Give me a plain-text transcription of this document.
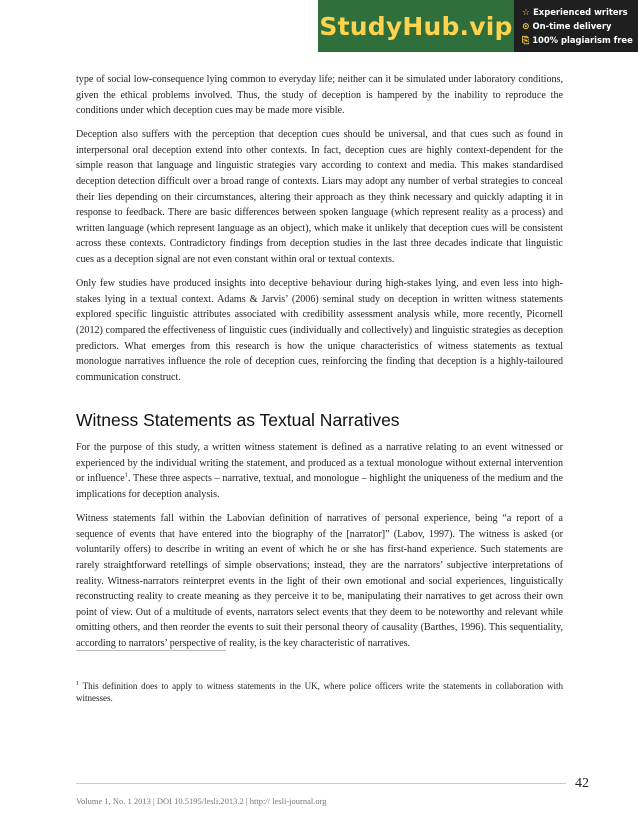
StudyHub.vip ☆ Experienced writers
⊙ On-time delivery
⎘ 100% plagiarism free

type of social low-consequence lying common to everyday life; neither can it be simulated under laboratory conditions, given the ethical problems involved. Thus, the study of deception is hampered by the inability to reproduce the conditions under which deception cues may be made more visible.

Deception also suffers with the perception that deception cues should be universal, and that cues such as found in interpersonal oral deception extend into other contexts. In fact, deception cues are highly context-dependent for the simple reason that language and linguistic strategies vary according to context and media. This makes standardised deception detection difficult over a broad range of contexts. Liars may adopt any number of verbal strategies to conceal their lies depending on their circumstances, altering their approach as they think necessary and quickly adapting it in response to feedback. There are basic differences between spoken language (which represent reality as a process) and written language (which represent language as an object), which make it unlikely that deception cues will be consistent across these contexts. Contradictory findings from deception studies in the last three decades indicate that linguistic cues as a deception signal are not even constant within oral or textual contexts.

Only few studies have produced insights into deceptive behaviour during high-stakes lying, and even less into high-stakes lying in a textual context. Adams & Jarvis’ (2006) seminal study on deception in written witness statements explored specific linguistic attributes associated with credibility assessment analysis while, more recently, Picornell (2012) compared the effectiveness of linguistic cues (individually and collectively) and linguistic strategies as deception predictors. What emerges from this research is how the unique characteristics of witness statements as textual monologue narratives influence the role of deception cues, reinforcing the finding that deception is a highly-tailoured communication construct.

Witness Statements as Textual Narratives

For the purpose of this study, a written witness statement is defined as a narrative relating to an event witnessed or experienced by the individual writing the statement, and produced as a textual monologue without external intervention or influence$^1$. These three aspects – narrative, textual, and monologue – highlight the uniqueness of the medium and the implications for deception analysis.

Witness statements fall within the Labovian definition of narratives of personal experience, being “a report of a sequence of events that have entered into the biography of the [narrator]” (Labov, 1997). The witness is asked (or voluntarily offers) to describe in writing an event of which he or she has first-hand experience. Such statements are rarely straightforward retellings of simple observations; instead, they are the narrators’ subjective interpretations of reality. Witness-narrators reinterpret events in the light of their own emotional and social experiences, linguistically reconstructing reality to create meaning as they perceive it to be, manipulating their narratives to get across their own point of view. Out of a multitude of events, narrators select events that they deem to be noteworthy and relevant while omitting others, and then reorder the events to suit their personal theory of causality (Barthes, 1996). This sequentiality, according to narrators’ perspective of reality, is the key characteristic of narratives.

$^1$ This definition does to apply to witness statements in the UK, where police officers write the statements in collaboration with witnesses.

42
Volume 1, No. 1 2013 | DOI 10.5195/lesli.2013.2 | http:// lesli-journal.org
